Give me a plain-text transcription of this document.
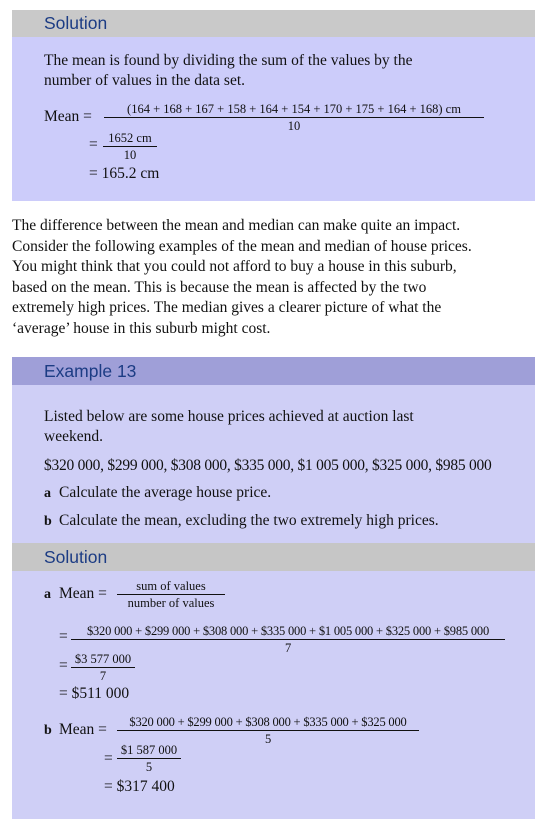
Solution
The mean is found by dividing the sum of the values by the
number of values in the data set.
Mean =	(164 + 168 + 167 + 158 + 164 + 154 + 170 + 175 + 164 + 168) cm
10
= $\frac{1652 cm}{10}$
= 165.2 cm
The difference between the mean and median can make quite an impact.
Consider the following examples of the mean and median of house prices.
You might think that you could not afford to buy a house in this suburb,
based on the mean. This is because the mean is affected by the two
extremely high prices. The median gives a clearer picture of what the
‘average’ house in this suburb might cost.
Example 13
Listed below are some house prices achieved at auction last
weekend.
$320 000, $299 000, $308 000, $335 000, $1 005 000, $325 000, $985 000
a Calculate the average house price.
b Calculate the mean, excluding the two extremely high prices.
Solution
a Mean =	sum of values
number of values
=	$320 000 + $299 000 + $308 000 + $335 000 + $1 005 000 + $325 000 + $985 000
7
= $\frac{\$3 577 000}{7}$
= $511 000
b Mean = $\frac{\$320 000 + \$299 000 + \$308 000 + \$335 000 + \$325 000}{5}$
= $\frac{\$1 587 000}{5}$
= $317 400
